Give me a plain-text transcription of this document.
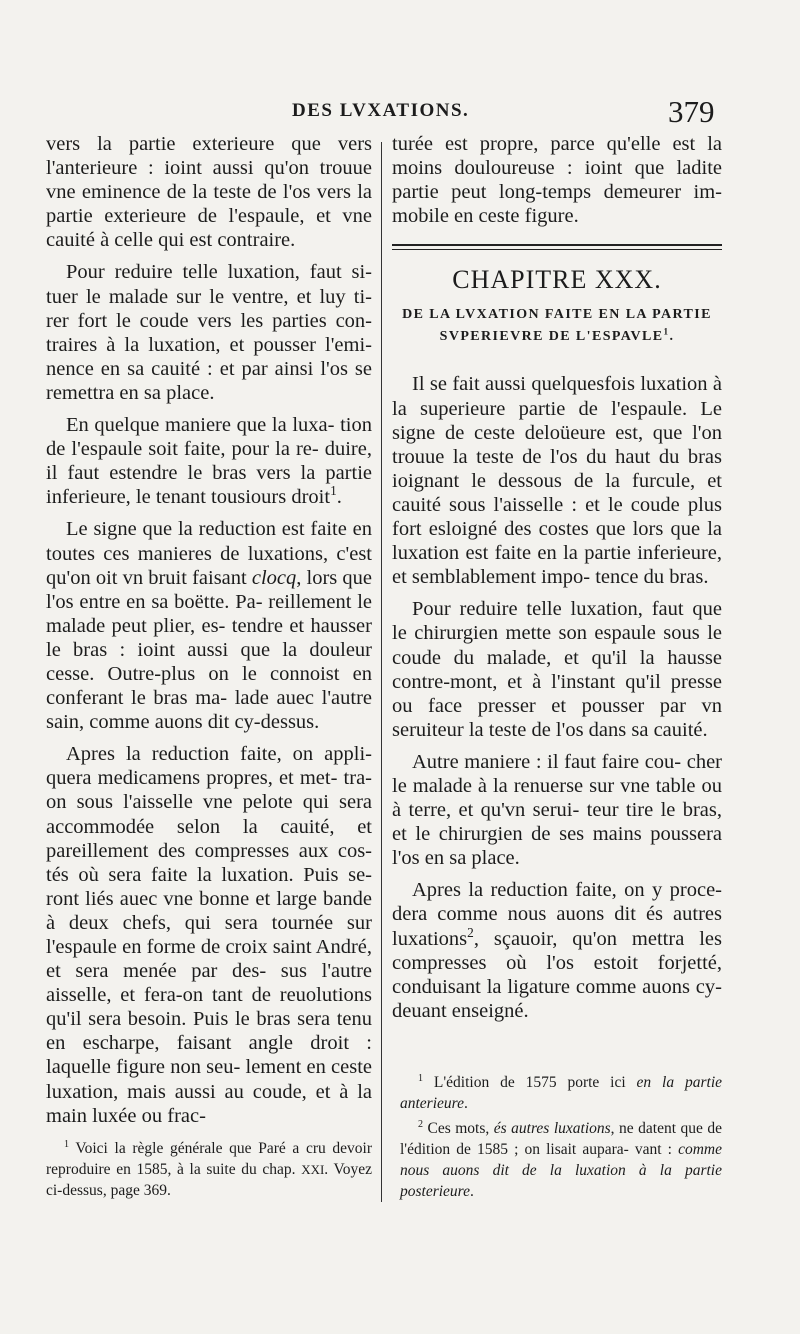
DES LVXATIONS.	379

vers la partie exterieure que vers l'anterieure : ioint aussi qu'on trouue vne eminence de la teste de l'os vers la partie exterieure de l'espaule, et vne cauité à celle qui est contraire.

Pour reduire telle luxation, faut si- tuer le malade sur le ventre, et luy ti- rer fort le coude vers les parties con- traires à la luxation, et pousser l'emi- nence en sa cauité : et par ainsi l'os se remettra en sa place.

En quelque maniere que la luxa- tion de l'espaule soit faite, pour la re- duire, il faut estendre le bras vers la partie inferieure, le tenant tousiours droit$^1$.

Le signe que la reduction est faite en toutes ces manieres de luxations, c'est qu'on oit vn bruit faisant clocq, lors que l'os entre en sa boëtte. Pa- reillement le malade peut plier, es- tendre et hausser le bras : ioint aussi que la douleur cesse. Outre-plus on le connoist en conferant le bras ma- lade auec l'autre sain, comme auons dit cy-dessus.

Apres la reduction faite, on appli- quera medicamens propres, et met- tra-on sous l'aisselle vne pelote qui sera accommodée selon la cauité, et pareillement des compresses aux cos- tés où sera faite la luxation. Puis se- ront liés auec vne bonne et large bande à deux chefs, qui sera tournée sur l'espaule en forme de croix saint André, et sera menée par des- sus l'autre aisselle, et fera-on tant de reuolutions qu'il sera besoin. Puis le bras sera tenu en escharpe, faisant angle droit : laquelle figure non seu- lement en ceste luxation, mais aussi au coude, et à la main luxée ou frac-

turée est propre, parce qu'elle est la moins douloureuse : ioint que ladite partie peut long-temps demeurer im- mobile en ceste figure.

CHAPITRE XXX.
DE LA LVXATION FAITE EN LA PARTIE
SVPERIEVRE DE L'ESPAVLE$^1$.

Il se fait aussi quelquesfois luxation à la superieure partie de l'espaule. Le signe de ceste deloüeure est, que l'on trouue la teste de l'os du haut du bras ioignant le dessous de la furcule, et cauité sous l'aisselle : et le coude plus fort esloigné des costes que lors que la luxation est faite en la partie inferieure, et semblablement impo- tence du bras.

Pour reduire telle luxation, faut que le chirurgien mette son espaule sous le coude du malade, et qu'il la hausse contre-mont, et à l'instant qu'il presse ou face presser et pousser par vn seruiteur la teste de l'os dans sa cauité.

Autre maniere : il faut faire cou- cher le malade à la renuerse sur vne table ou à terre, et qu'vn serui- teur tire le bras, et le chirurgien de ses mains poussera l'os en sa place.

Apres la reduction faite, on y proce- dera comme nous auons dit és autres luxations$^2$, sçauoir, qu'on mettra les compresses où l'os estoit forjetté, conduisant la ligature comme auons cy-deuant enseigné.

$^1$ Voici la règle générale que Paré a cru devoir reproduire en 1585, à la suite du chap. XXI. Voyez ci-dessus, page 369.

$^1$ L'édition de 1575 porte ici en la partie anterieure.

$^2$ Ces mots, és autres luxations, ne datent que de l'édition de 1585 ; on lisait aupara- vant : comme nous auons dit de la luxation à la partie posterieure.
